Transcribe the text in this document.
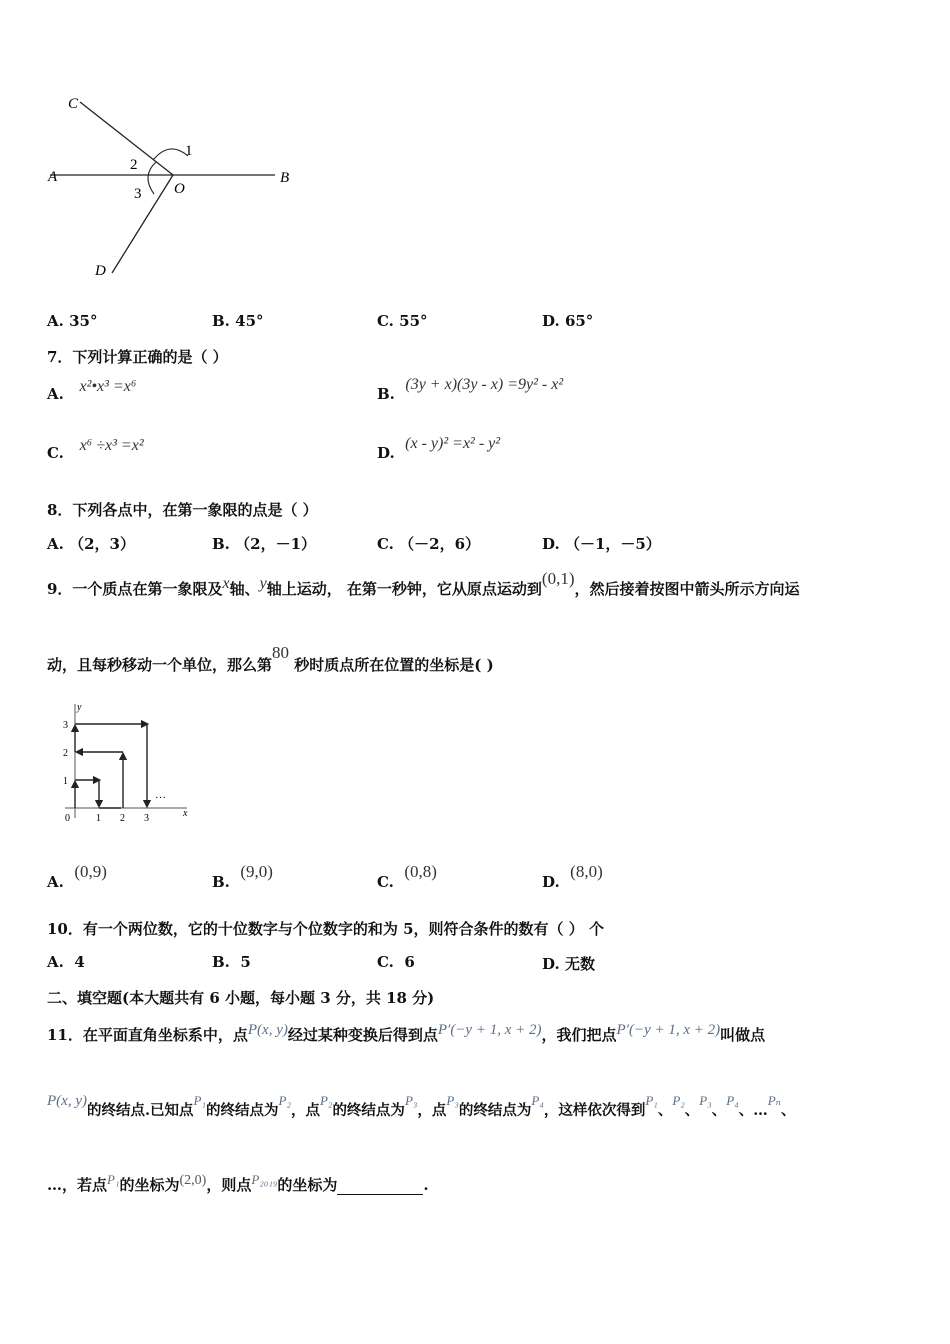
C
A	B
O
D
1
2
3
A. 35°	B. 45°	C. 55°	D. 65°
7．下列计算正确的是（ ）
A. x²•x³ =x⁶	B.  (3y + x)(3y - x) =9y² - x²
C. x⁶ ÷x³ =x²	D.  (x - y)² =x² - y²
8．下列各点中，在第一象限的点是（ ）
A. （2，3）	B. （2，－1）	C. （－2，6）	D. （－1，－5）
9．一个质点在第一象限及x轴、y轴上运动， 在第一秒钟，它从原点运动到(0,1)，然后接着按图中箭头所示方向运
动，且每秒移动一个单位，那么第80 秒时质点所在位置的坐标是( )
y
x
0	1 2 3
1
2
3
…
A.  (0,9)
B.  (9,0)
C.  (0,8)
D.  (8,0)
10．有一个两位数，它的十位数字与个位数字的和为 5，则符合条件的数有（ ） 个
A. 4	B. 5	C. 6	D. 无数
二、填空题(本大题共有 6 小题，每小题 3 分，共 18 分)
11．在平面直角坐标系中，点P(x, y)经过某种变换后得到点P′(−y + 1, x + 2)，我们把点P′(−y + 1, x + 2)叫做点
P(x, y)的终结点.已知点P₁的终结点为P₂，点P₂的终结点为P₃，点P₃的终结点为P₄，这样依次得到P₁、P₂、P₃、P₄、…Pₙ、
…，若点P₁的坐标为(2,0)，则点P₂₀₁₉的坐标为	.
